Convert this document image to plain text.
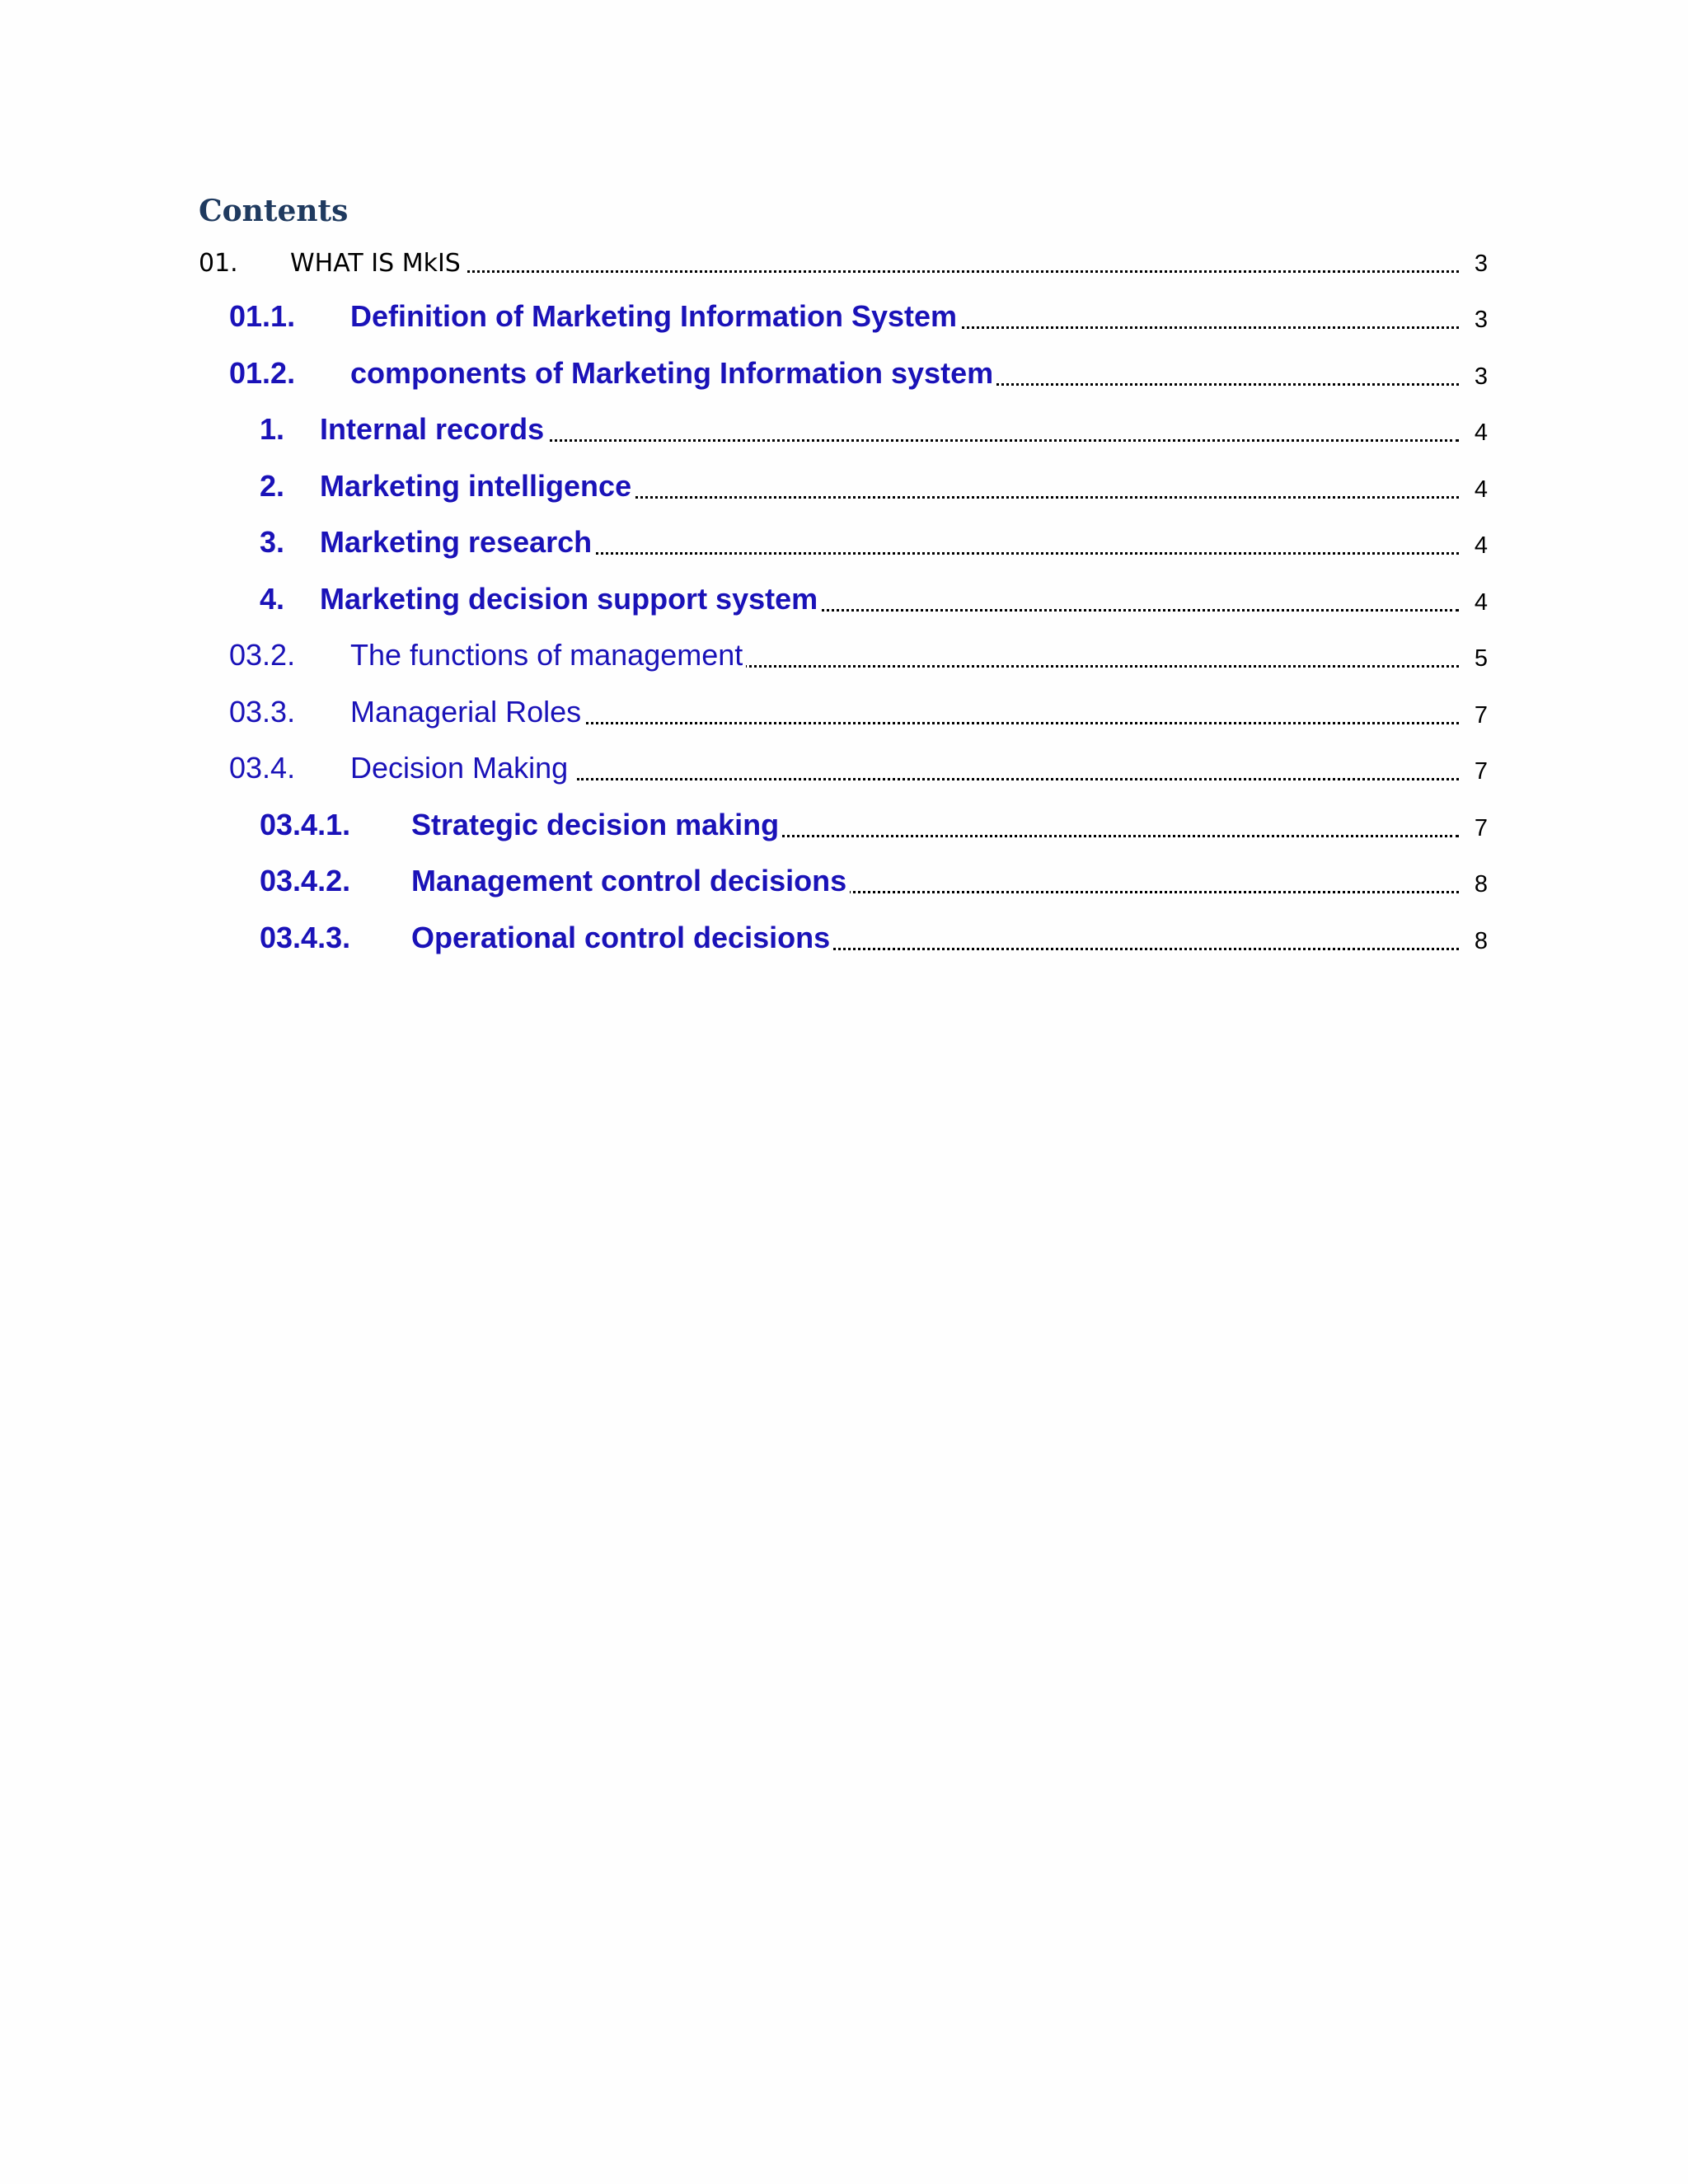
Contents
01. WHAT IS MkIS	3
01.1. Definition of Marketing Information System	3
01.2. components of Marketing Information system	3
1. Internal records	4
2. Marketing intelligence	4
3. Marketing research	4
4. Marketing decision support system	4
03.2. The functions of management	5
03.3. Managerial Roles	7
03.4. Decision Making	7
03.4.1. Strategic decision making	7
03.4.2. Management control decisions	8
03.4.3. Operational control decisions	8
